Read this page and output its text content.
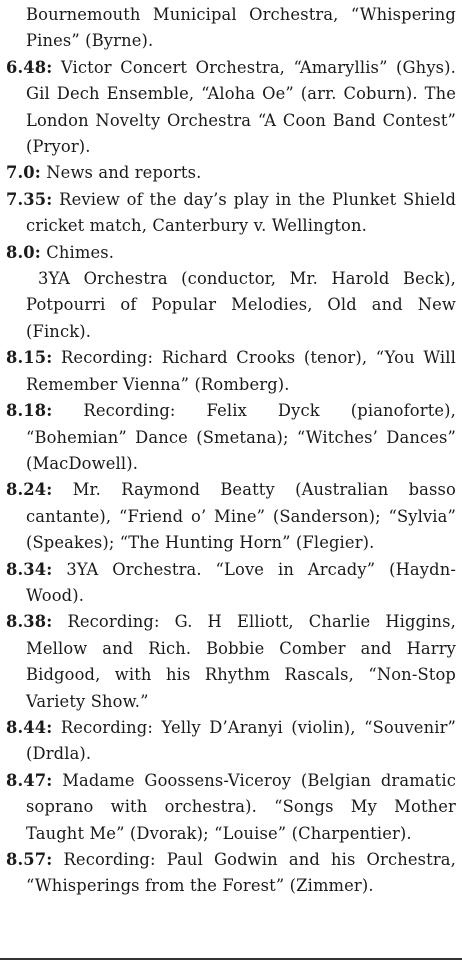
Bournemouth Municipal Orchestra, “Whispering Pines” (Byrne).

6.48: Victor Concert Orchestra, “Amaryllis” (Ghys). Gil Dech Ensemble, “Aloha Oe” (arr. Coburn). The London Novelty Orchestra “A Coon Band Contest” (Pryor).

7.0: News and reports.

7.35: Review of the day’s play in the Plunket Shield cricket match, Canterbury v. Wellington.

8.0: Chimes.

3YA Orchestra (conductor, Mr. Harold Beck), Potpourri of Popular Melodies, Old and New (Finck).

8.15: Recording: Richard Crooks (tenor), “You Will Remember Vienna” (Romberg).

8.18: Recording: Felix Dyck (pianoforte), “Bohemian” Dance (Smetana); “Witches’ Dances” (MacDowell).

8.24: Mr. Raymond Beatty (Australian basso cantante), “Friend o’ Mine” (Sanderson); “Sylvia” (Speakes); “The Hunting Horn” (Flegier).

8.34: 3YA Orchestra. “Love in Arcady” (Haydn-Wood).

8.38: Recording: G. H Elliott, Charlie Higgins, Mellow and Rich. Bobbie Comber and Harry Bidgood, with his Rhythm Rascals, “Non-Stop Variety Show.”

8.44: Recording: Yelly D’Aranyi (violin), “Souvenir” (Drdla).

8.47: Madame Goossens-Viceroy (Belgian dramatic soprano with orchestra). “Songs My Mother Taught Me” (Dvorak); “Louise” (Charpentier).

8.57: Recording: Paul Godwin and his Orchestra, “Whisperings from the Forest” (Zimmer).
